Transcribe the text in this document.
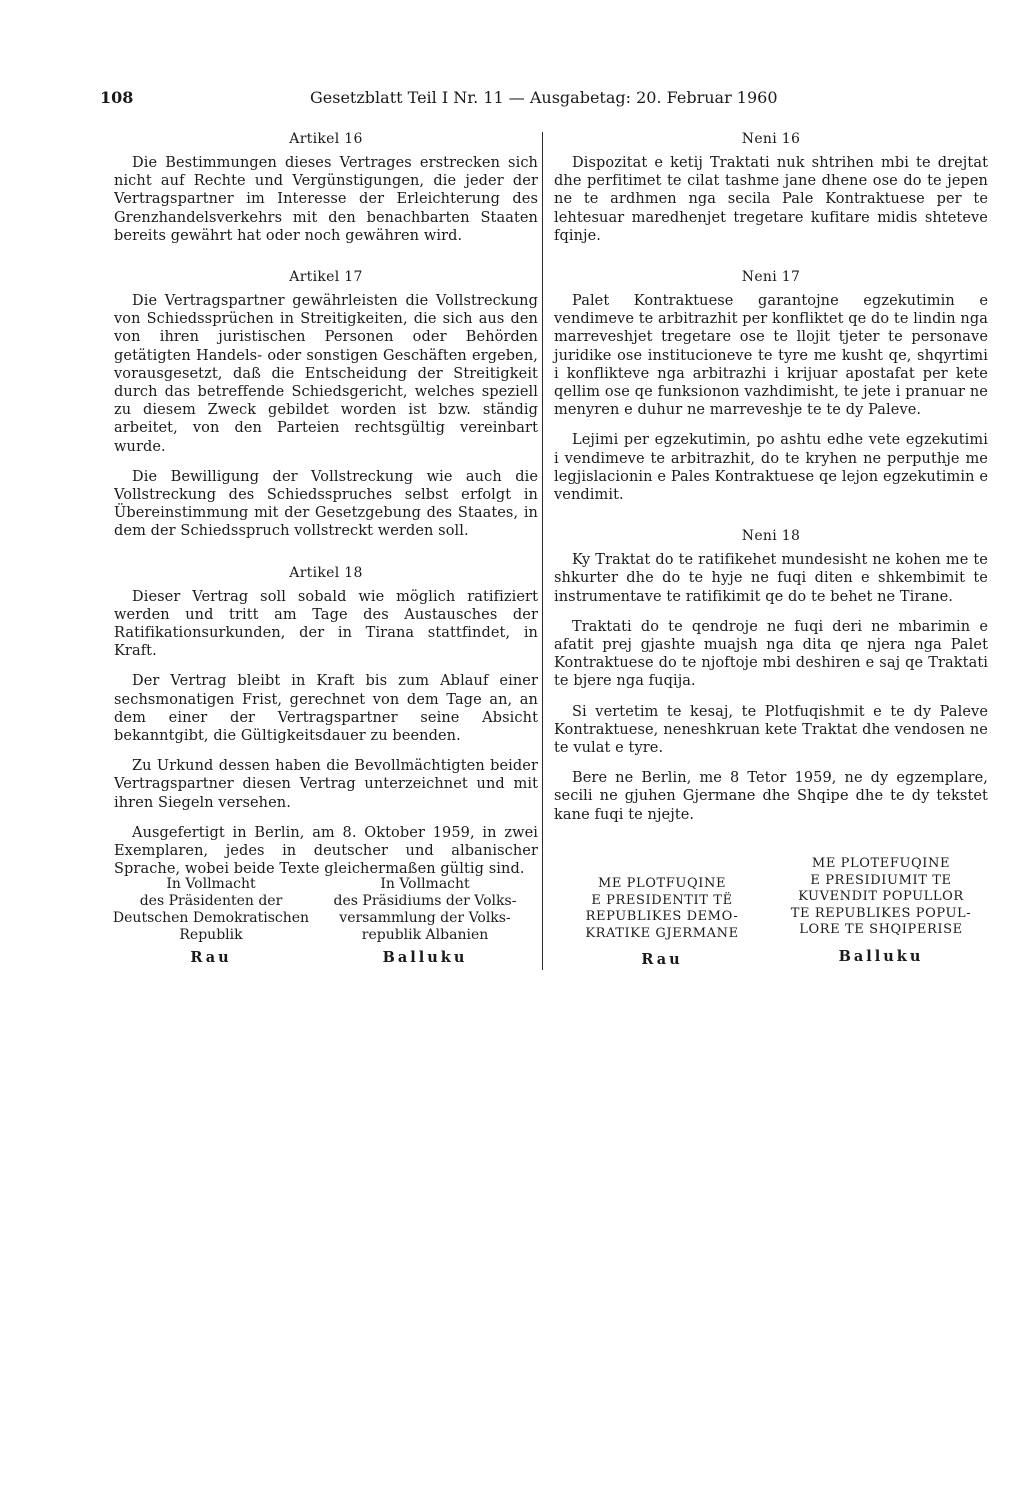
108	Gesetzblatt Teil I Nr. 11 — Ausgabetag: 20. Februar 1960
Artikel 16

Die Bestimmungen dieses Vertrages erstrecken sich nicht auf Rechte und Vergünstigungen, die jeder der Vertragspartner im Interesse der Erleichterung des Grenzhandelsverkehrs mit den benachbarten Staaten bereits gewährt hat oder noch gewähren wird.

Artikel 17

Die Vertragspartner gewährleisten die Vollstreckung von Schiedssprüchen in Streitigkeiten, die sich aus den von ihren juristischen Personen oder Behörden getätigten Handels- oder sonstigen Geschäften ergeben, vorausgesetzt, daß die Entscheidung der Streitigkeit durch das betreffende Schiedsgericht, welches speziell zu diesem Zweck gebildet worden ist bzw. ständig arbeitet, von den Parteien rechtsgültig vereinbart wurde.

Die Bewilligung der Vollstreckung wie auch die Vollstreckung des Schiedsspruches selbst erfolgt in Übereinstimmung mit der Gesetzgebung des Staates, in dem der Schiedsspruch vollstreckt werden soll.

Artikel 18

Dieser Vertrag soll sobald wie möglich ratifiziert werden und tritt am Tage des Austausches der Ratifikationsurkunden, der in Tirana stattfindet, in Kraft.

Der Vertrag bleibt in Kraft bis zum Ablauf einer sechsmonatigen Frist, gerechnet von dem Tage an, an dem einer der Vertragspartner seine Absicht bekanntgibt, die Gültigkeitsdauer zu beenden.

Zu Urkund dessen haben die Bevollmächtigten beider Vertragspartner diesen Vertrag unterzeichnet und mit ihren Siegeln versehen.

Ausgefertigt in Berlin, am 8. Oktober 1959, in zwei Exemplaren, jedes in deutscher und albanischer Sprache, wobei beide Texte gleichermaßen gültig sind.

Neni 16

Dispozitat e ketij Traktati nuk shtrihen mbi te drejtat dhe perfitimet te cilat tashme jane dhene ose do te jepen ne te ardhmen nga secila Pale Kontraktuese per te lehtesuar maredhenjet tregetare kufitare midis shteteve fqinje.

Neni 17

Palet Kontraktuese garantojne egzekutimin e vendimeve te arbitrazhit per konfliktet qe do te lindin nga marreveshjet tregetare ose te llojit tjeter te personave juridike ose institucioneve te tyre me kusht qe, shqyrtimi i konflikteve nga arbitrazhi i krijuar apostafat per kete qellim ose qe funksionon vazhdimisht, te jete i pranuar ne menyren e duhur ne marreveshje te te dy Paleve.

Lejimi per egzekutimin, po ashtu edhe vete egzekutimi i vendimeve te arbitrazhit, do te kryhen ne perputhje me legjislacionin e Pales Kontraktuese qe lejon egzekutimin e vendimit.

Neni 18

Ky Traktat do te ratifikehet mundesisht ne kohen me te shkurter dhe do te hyje ne fuqi diten e shkembimit te instrumentave te ratifikimit qe do te behet ne Tirane.

Traktati do te qendroje ne fuqi deri ne mbarimin e afatit prej gjashte muajsh nga dita qe njera nga Palet Kontraktuese do te njoftoje mbi deshiren e saj qe Traktati te bjere nga fuqija.

Si vertetim te kesaj, te Plotfuqishmit e te dy Paleve Kontraktuese, neneshkruan kete Traktat dhe vendosen ne te vulat e tyre.

Bere ne Berlin, me 8 Tetor 1959, ne dy egzemplare, secili ne gjuhen Gjermane dhe Shqipe dhe te dy tekstet kane fuqi te njejte.

In Vollmacht
des Präsidenten der
Deutschen Demokratischen
Republik
Rau
In Vollmacht
des Präsidiums der Volks-
versammlung der Volks-
republik Albanien
Balluku
ME PLOTFUQINE
E PRESIDENTIT TË
REPUBLIKES DEMO-
KRATIKE GJERMANE
Rau
ME PLOTEFUQINE
E PRESIDIUMIT TE
KUVENDIT POPULLOR
TE REPUBLIKES POPUL-
LORE TE SHQIPERISE
Balluku
